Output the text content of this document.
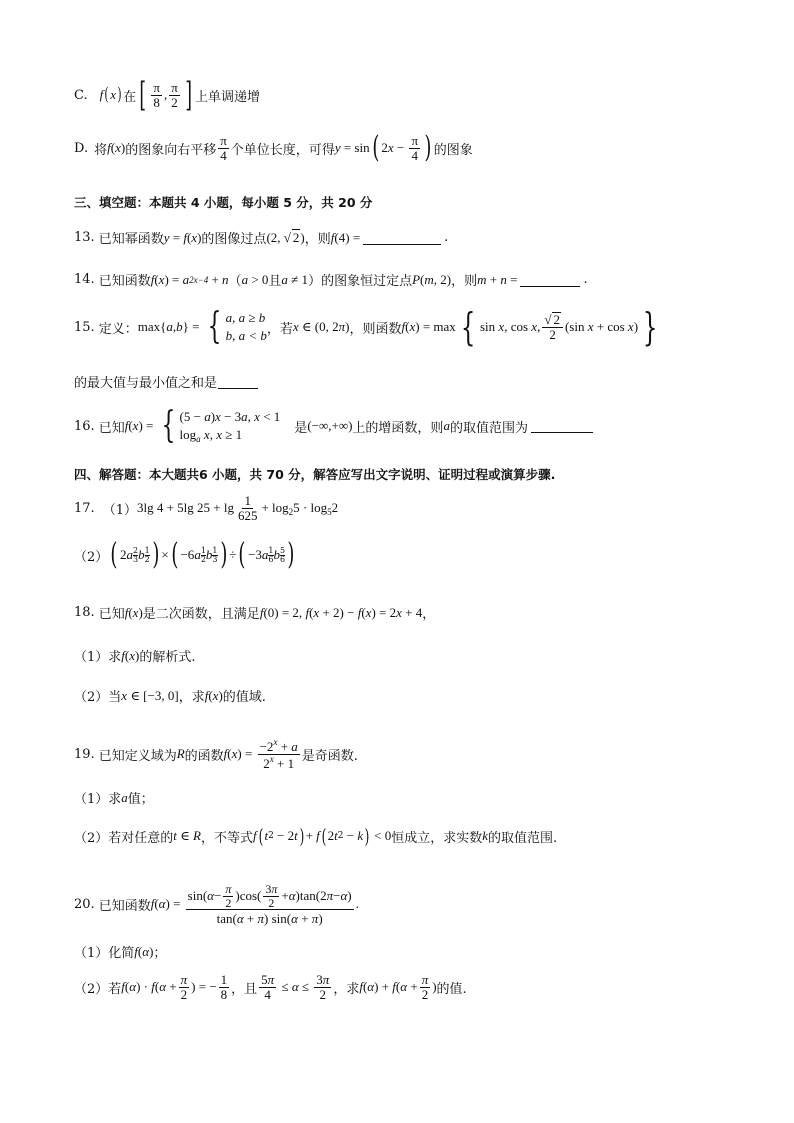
C. f ( x ) 在 [ $\frac{\pi}{8}$ , $\frac{\pi}{2}$ ] 上单调递增
D. 将 f ( x ) 的图象向右平移 $\frac{\pi}{4}$ 个单位长度，可得 y = sin ( 2 $x - \frac{\pi}{4}$ ) 的图象
三、填空题：本题共 4 小题，每小题 5 分，共 20 分
13. 已知幂函数 y = f ( x ) 的图像过点 (2, √ 2 ) ，则 f (4) =	.
14. 已知函数 f ( x ) = a 2x−4 + n （ a > 0 且 a ≠ 1 ）的图象恒过定点 P ( m , 2) ，则 m + n =	.
15. 定义： max { a , b } = { a, a ≥ b
b, a < b ，若 x ∈ (0, 2 π ) ，则函数 f ( x ) = max { sin x , cos x , $\frac{√ 2}{2} (\sin$ x + cos x ) }
的最大值与最小值之和是
16. 已知 f ( x ) = { (5 − a)x − 3a, x < 1
$\log_a x$, x ≥ 1	是 (−∞,+∞) 上的增函数，则 a 的取值范围为
四、解答题：本大题共6 小题，共 70 分，解答应写出文字说明、证明过程或演算步骤.
17. （1） 3lg 4 + 5lg $25 + \lg \frac{1}{625} + \log_25 \cdot \log_52$
（2） ( 2 a 2
3 b 1
2 ) × ( −6 a 1
2 b 1
3 ) ÷ ( −3 a 1
6 b 5
6 )
18. 已知 f ( x ) 是二次函数，且满足 f (0) = 2, f ( x + 2) − f ( x ) = 2 x + 4 ，
（1）求 f ( x ) 的解析式.
（2）当 x ∈ [−3, 0] ，求 f ( x ) 的值域.
19. 已知定义域为 R 的函数 f ( x ) = $\frac{-2^x + a}{2^x + 1}$ 是奇函数.
（1）求 a 值；
（2）若对任意的 t ∈ R ，不等式 f ( t 2 − 2 t ) + f ( 2 t 2 − k ) < 0 恒成立，求实数 k 的取值范围.
20. 已知函数 f ( α ) = $\frac{\sin( \alpha - \frac{\pi}{2} )\cos( \frac{3\pi}{2} + \alpha )\tan(2 \pi - \alpha )}{\tan(\alpha + \pi) \sin(\alpha + \pi)}$ .
（1）化简 f ( α ) ；
（2）若 f ( α ) · f ( $\alpha + \frac{\pi}{2}$ ) = − $\frac{1}{8}$ ，且 $\frac{5\pi}{4} \le \alpha \le \frac{3\pi}{2}$ ，求 f ( α ) + f ( $\alpha + \frac{\pi}{2}$ ) 的值.
